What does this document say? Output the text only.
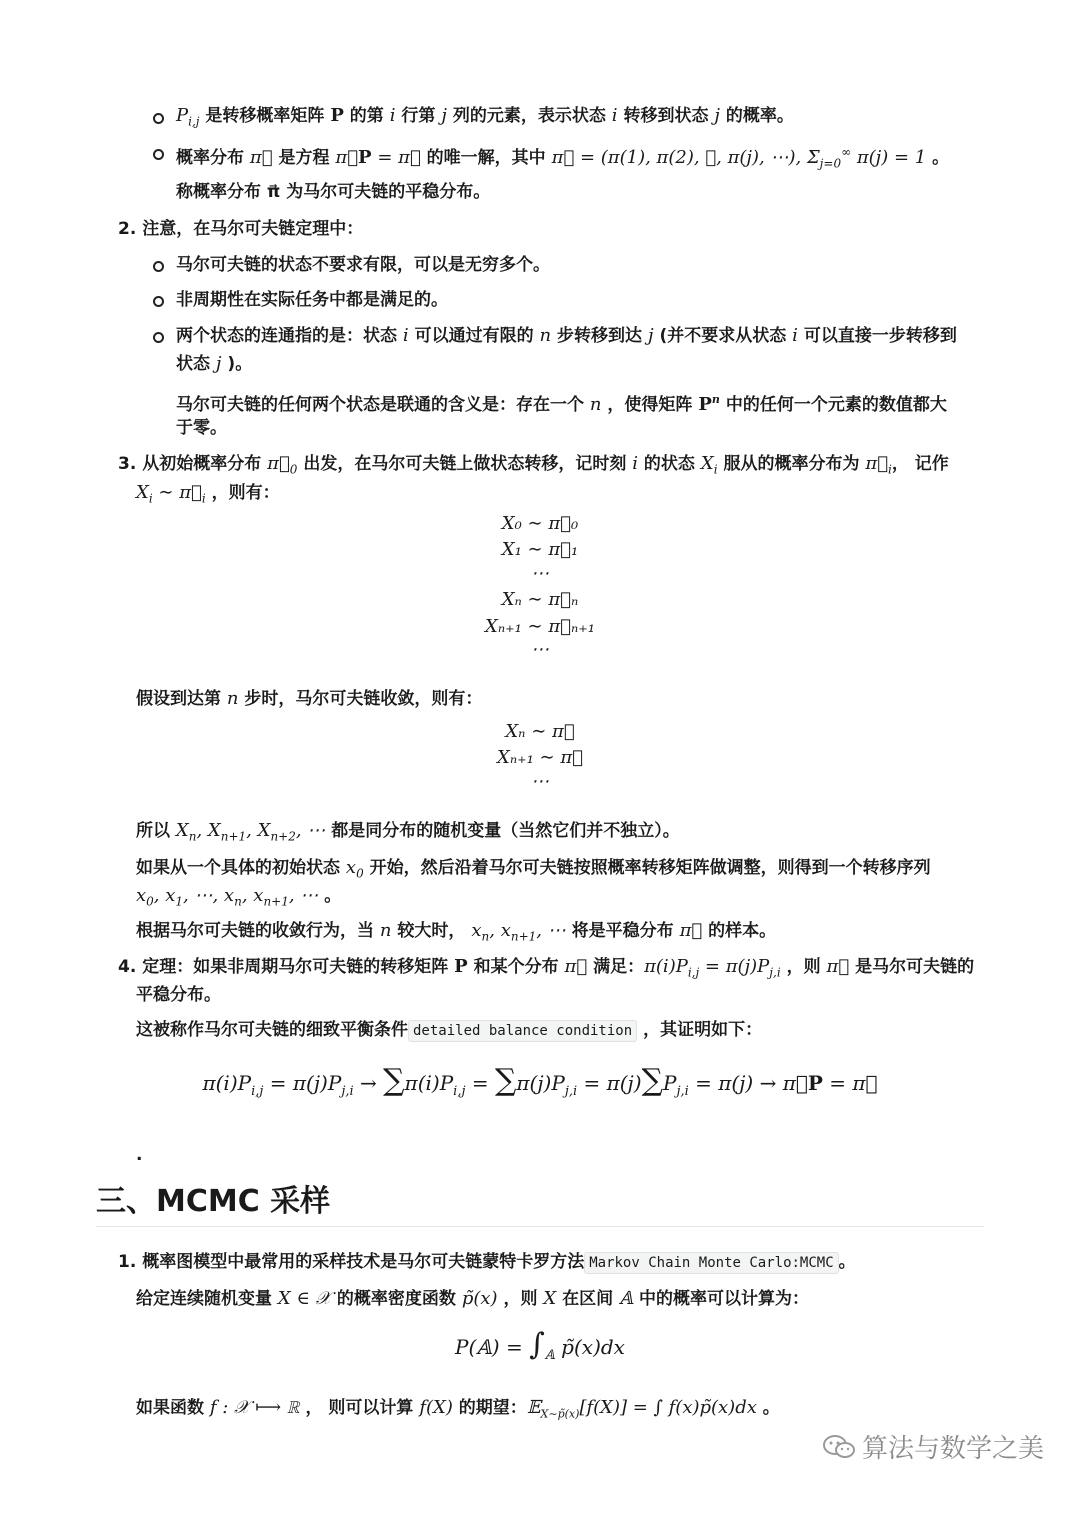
$P_{i,j}$ 是转移概率矩阵 P 的第 i 行第 j 列的元素，表示状态 i 转移到状态 j 的概率。
概率分布 π⃗ 是方程 π⃗P = π⃗ 的唯一解，其中 π⃗ = (π(1), π(2), ⋯, π(j), ⋯), $\Sigma_{j=0}^\infty$ π(j) = 1 。
称概率分布 π⃗ 为马尔可夫链的平稳分布。
2. 注意，在马尔可夫链定理中：
马尔可夫链的状态不要求有限，可以是无穷多个。
非周期性在实际任务中都是满足的。
两个状态的连通指的是：状态 i 可以通过有限的 n 步转移到达 j (并不要求从状态 i 可以直接一步转移到
状态 j )。
马尔可夫链的任何两个状态是联通的含义是：存在一个 n ，使得矩阵 $P^n$ 中的任何一个元素的数值都大
于零。
3. 从初始概率分布 $\pi⃗_0$ 出发，在马尔可夫链上做状态转移，记时刻 i 的状态 $X_i$ 服从的概率分布为 $\pi⃗_i$， 记作
$X_i$ ∼ $\pi⃗_i$ ，则有：
X₀ ∼ π⃗₀
X₁ ∼ π⃗₁
⋯
Xₙ ∼ π⃗ₙ
Xₙ₊₁ ∼ π⃗ₙ₊₁
⋯
假设到达第 n 步时，马尔可夫链收敛，则有：
Xₙ ∼ π⃗
Xₙ₊₁ ∼ π⃗
⋯
所以 $X_n$, $X_{n+1}$, $X_{n+2}$, ⋯ 都是同分布的随机变量（当然它们并不独立）。
如果从一个具体的初始状态 $x_0$ 开始，然后沿着马尔可夫链按照概率转移矩阵做调整，则得到一个转移序列
$x_0$, $x_1$, ⋯, $x_n$, $x_{n+1}$, ⋯ 。
根据马尔可夫链的收敛行为，当 n 较大时， $x_n$, $x_{n+1}$, ⋯ 将是平稳分布 π⃗ 的样本。
4. 定理：如果非周期马尔可夫链的转移矩阵 P 和某个分布 π⃗ 满足：$\pi(i)P_{i,j} = \pi(j)P_{j,i}$ ，则 π⃗ 是马尔可夫链的
平稳分布。
这被称作马尔可夫链的细致平衡条件 detailed balance condition ，其证明如下：
$\pi(i)P_{i,j} = \pi(j)P_{j,i} \to \sum\pi(i)P_{i,j} = \sum\pi(j)P_{j,i} = \pi(j)\sum P_{j,i} = \pi(j)$ → π⃗P = π⃗
.
三、MCMC 采样
1. 概率图模型中最常用的采样技术是马尔可夫链蒙特卡罗方法 Markov Chain Monte Carlo:MCMC 。
给定连续随机变量 X ∈ 𝒳 的概率密度函数 p̃(x) ，则 X 在区间 𝔸 中的概率可以计算为：
P(𝔸) = $\int_𝔸$ p̃(x)dx
如果函数 f : 𝒳 ⟼ ℝ ， 则可以计算 f(X) 的期望：𝔼$_{X\sim p̃(x)}$[f(X)] = ∫ f(x)p̃(x)dx 。
算法与数学之美
